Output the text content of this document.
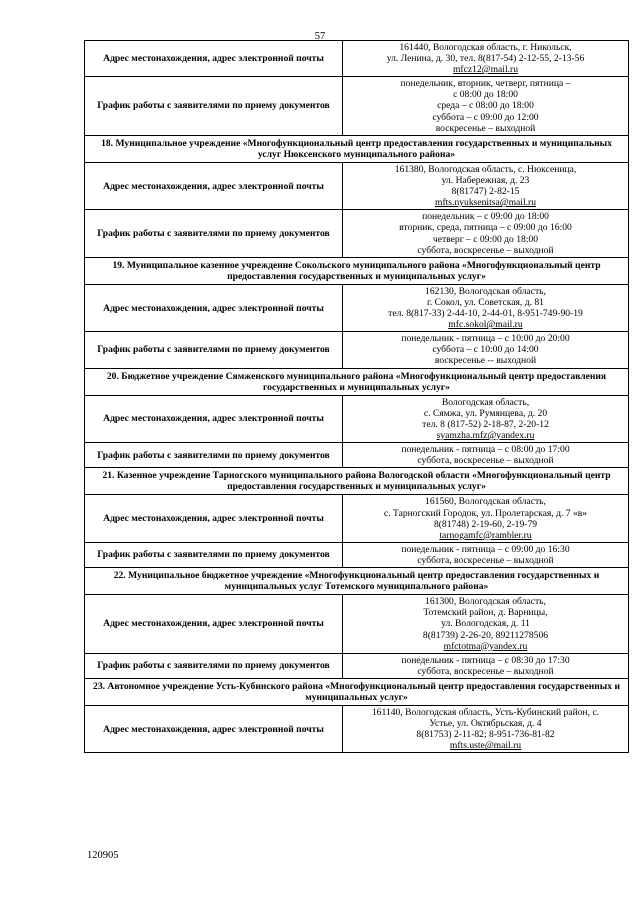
57
Адрес местонахождения, адрес электронной почты	161440, Вологодская область, г. Никольск,
ул. Ленина, д. 30, тел. 8(817-54) 2-12-55, 2-13-56
mfcz12@mail.ru

График работы с заявителями по приему документов	понедельник, вторник, четверг, пятница –
с 08:00 до 18:00
среда – с 08:00 до 18:00
суббота – с 09:00 до 12:00
воскресенье – выходной

18. Муниципальное учреждение «Многофункциональный центр предоставления государственных и муниципальных услуг Нюксенского муниципального района»	
Адрес местонахождения, адрес электронной почты	161380, Вологодская область, с. Нюксеница,
ул. Набережная, д. 23
8(81747) 2-82-15
mfts.nyuksenitsa@mail.ru

График работы с заявителями по приему документов	понедельник – с 09:00 до 18:00
вторник, среда, пятница – с 09:00 до 16:00
четверг – с 09:00 до 18:00
суббота, воскресенье – выходной

19. Муниципальное казенное учреждение Сокольского муниципального района «Многофункциональный центр предоставления государственных и муниципальных услуг»	
Адрес местонахождения, адрес электронной почты	162130, Вологодская область,
г. Сокол, ул. Советская, д. 81
тел. 8(817-33) 2-44-10, 2-44-01, 8-951-749-90-19
mfc.sokol@mail.ru

График работы с заявителями по приему документов	понедельник - пятница – с 10:00 до 20:00
суббота – с 10:00 до 14:00
воскресенье -- выходной

20. Бюджетное учреждение Сямженского муниципального района «Многофункциональный центр предоставления государственных и муниципальных услуг»	
Адрес местонахождения, адрес электронной почты	Вологодская область,
с. Сямжа, ул. Румянцева, д. 20
тел. 8 (817-52) 2-18-87, 2-20-12
syamzha.mfz@yandex.ru

График работы с заявителями по приему документов	понедельник - пятница – с 08:00 до 17:00
суббота, воскресенье – выходной

21. Казенное учреждение Тарногского муниципального района Вологодской области «Многофункциональный центр предоставления государственных и муниципальных услуг»	
Адрес местонахождения, адрес электронной почты	161560, Вологодская область,
с. Тарногский Городок, ул. Пролетарская, д. 7 «в»
8(81748) 2-19-60, 2-19-79
tarnogamfc@rambler.ru

График работы с заявителями по приему документов	понедельник - пятница – с 09:00 до 16:30
суббота, воскресенье – выходной

22. Муниципальное бюджетное учреждение «Многофункциональный центр предоставления государственных и муниципальных услуг Тотемского муниципального района»	
Адрес местонахождения, адрес электронной почты	161300, Вологодская область,
Тотемский район, д. Варницы,
ул. Вологодская, д. 11
8(81739) 2-26-20, 89211278506
mfctotma@yandex.ru

График работы с заявителями по приему документов	понедельник - пятница – с 08:30 до 17:30
суббота, воскресенье – выходной

23. Автономное учреждение Усть-Кубинского района «Многофункциональный центр предоставления государственных и муниципальных услуг»	
Адрес местонахождения, адрес электронной почты	161140, Вологодская область, Усть-Кубинский район, с.
Устье, ул. Октябрьская, д. 4
8(81753) 2-11-82; 8-951-736-81-82
mfts.uste@mail.ru
120905
